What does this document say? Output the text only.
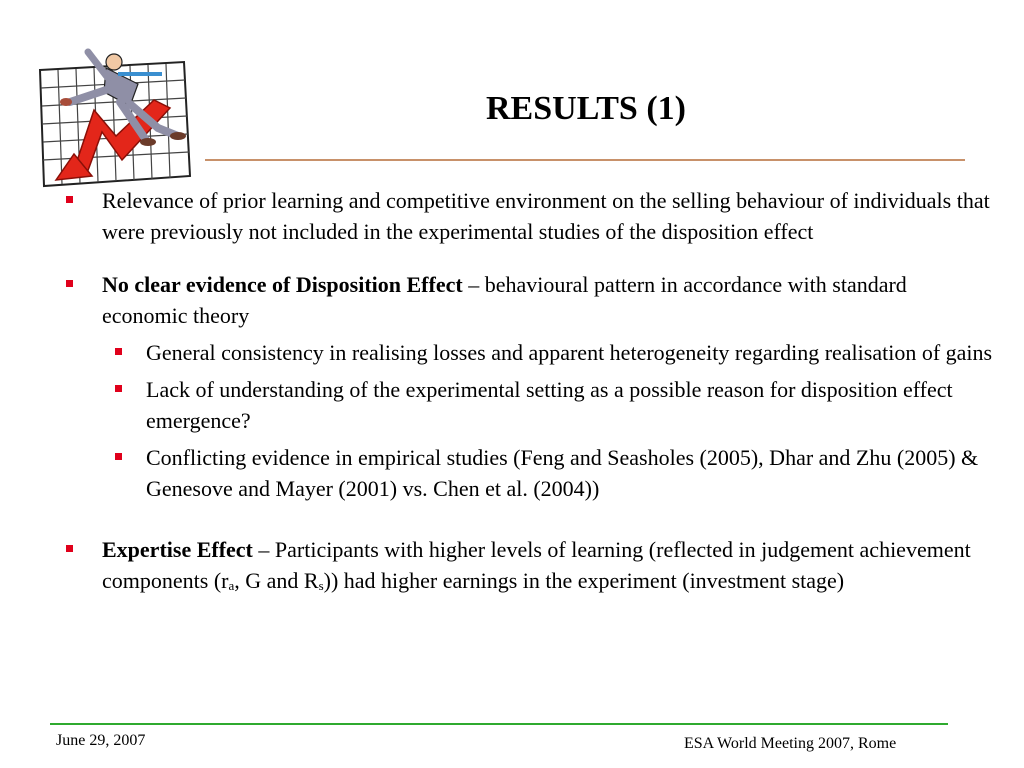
RESULTS (1)
Relevance of prior learning and competitive environment on the selling behaviour of individuals that were previously not included in the experimental studies of the disposition effect
No clear evidence of Disposition Effect – behavioural pattern in accordance with standard economic theory
General consistency in realising losses and apparent heterogeneity regarding realisation of gains
Lack of understanding of the experimental setting as a possible reason for disposition effect emergence?
Conflicting evidence in empirical studies (Feng and Seasholes (2005), Dhar and Zhu (2005) & Genesove and Mayer (2001) vs. Chen et al. (2004))
Expertise Effect – Participants with higher levels of learning (reflected in judgement achievement components ($r_a$, G and $R_s$)) had higher earnings in the experiment (investment stage)
June 29, 2007	ESA World Meeting 2007, Rome
